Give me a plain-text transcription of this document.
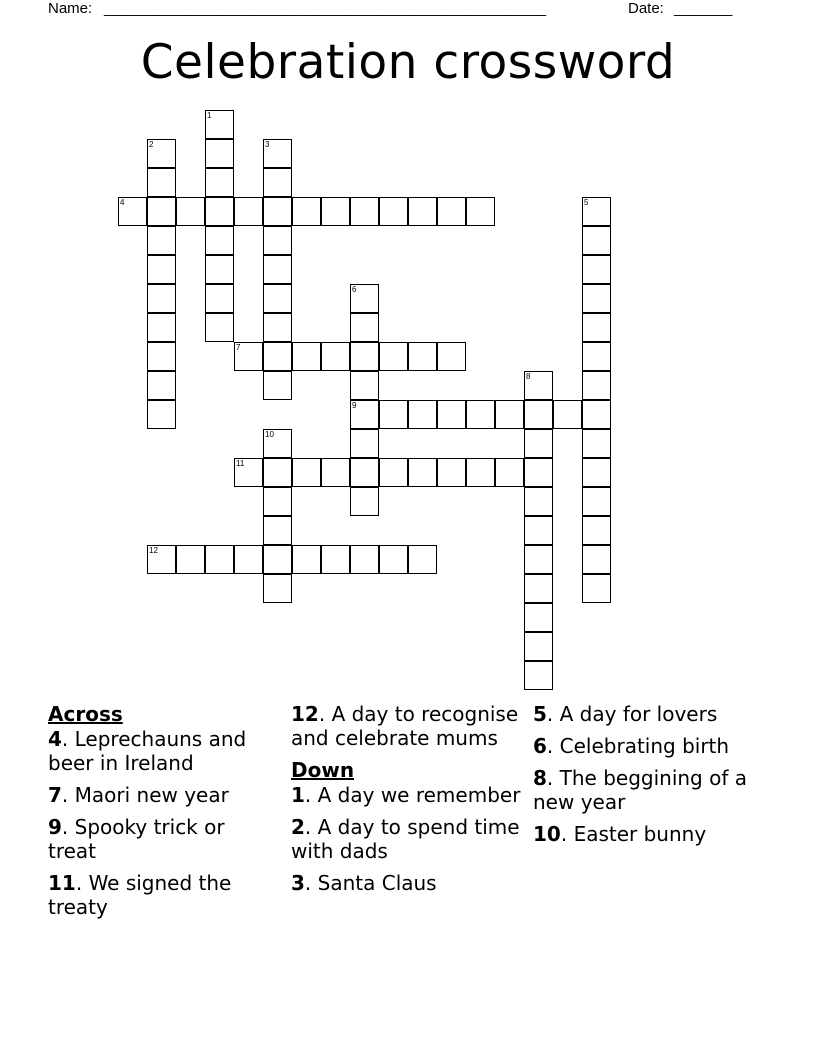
Name: _____________________________________________________	Date: _______
Celebration crossword
1
2	3
4	5
6
9
7
8
10
11
12
Across
4. Leprechauns and beer in Ireland
7. Maori new year
9. Spooky trick or treat
11. We signed the treaty
12. A day to recognise and celebrate mums
Down
1. A day we remember
2. A day to spend time with dads
3. Santa Claus
5. A day for lovers
6. Celebrating birth
8. The beggining of a new year
10. Easter bunny
